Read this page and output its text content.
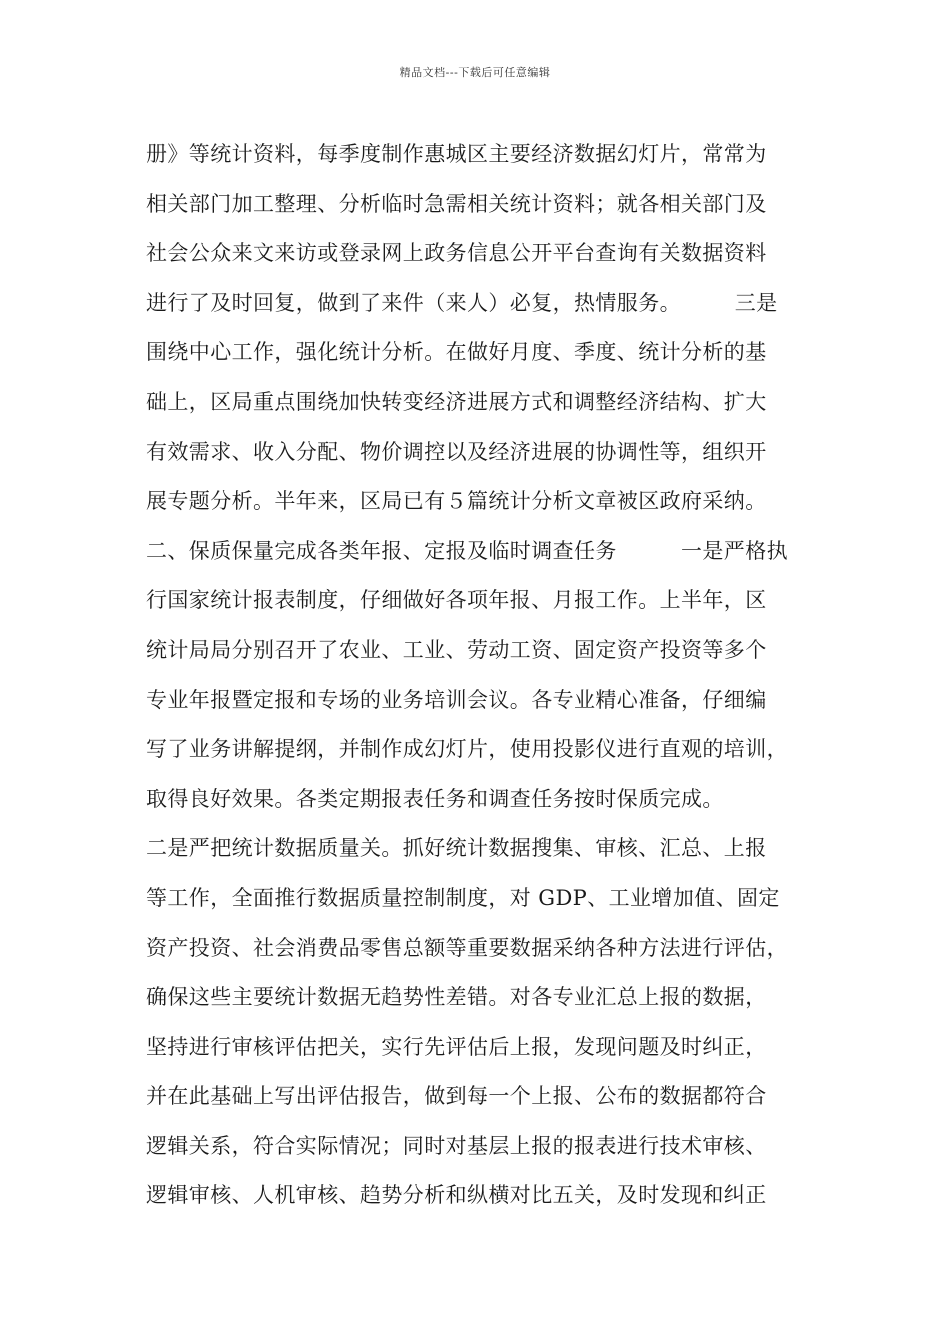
精品文档---下载后可任意编辑
册》等统计资料，每季度制作惠城区主要经济数据幻灯片，常常为
相关部门加工整理、分析临时急需相关统计资料；就各相关部门及
社会公众来文来访或登录网上政务信息公开平台查询有关数据资料
进行了及时回复，做到了来件（来人）必复，热情服务。　　　三是
围绕中心工作，强化统计分析。在做好月度、季度、统计分析的基
础上，区局重点围绕加快转变经济进展方式和调整经济结构、扩大
有效需求、收入分配、物价调控以及经济进展的协调性等，组织开
展专题分析。半年来，区局已有５篇统计分析文章被区政府采纳。
二、保质保量完成各类年报、定报及临时调查任务　　　一是严格执
行国家统计报表制度，仔细做好各项年报、月报工作。上半年，区
统计局局分别召开了农业、工业、劳动工资、固定资产投资等多个
专业年报暨定报和专场的业务培训会议。各专业精心准备，仔细编
写了业务讲解提纲，并制作成幻灯片，使用投影仪进行直观的培训，
取得良好效果。各类定期报表任务和调查任务按时保质完成。
二是严把统计数据质量关。抓好统计数据搜集、审核、汇总、上报
等工作，全面推行数据质量控制制度，对 GDP、工业增加值、固定
资产投资、社会消费品零售总额等重要数据采纳各种方法进行评估，
确保这些主要统计数据无趋势性差错。对各专业汇总上报的数据，
坚持进行审核评估把关，实行先评估后上报，发现问题及时纠正，
并在此基础上写出评估报告，做到每一个上报、公布的数据都符合
逻辑关系，符合实际情况；同时对基层上报的报表进行技术审核、
逻辑审核、人机审核、趋势分析和纵横对比五关，及时发现和纠正
